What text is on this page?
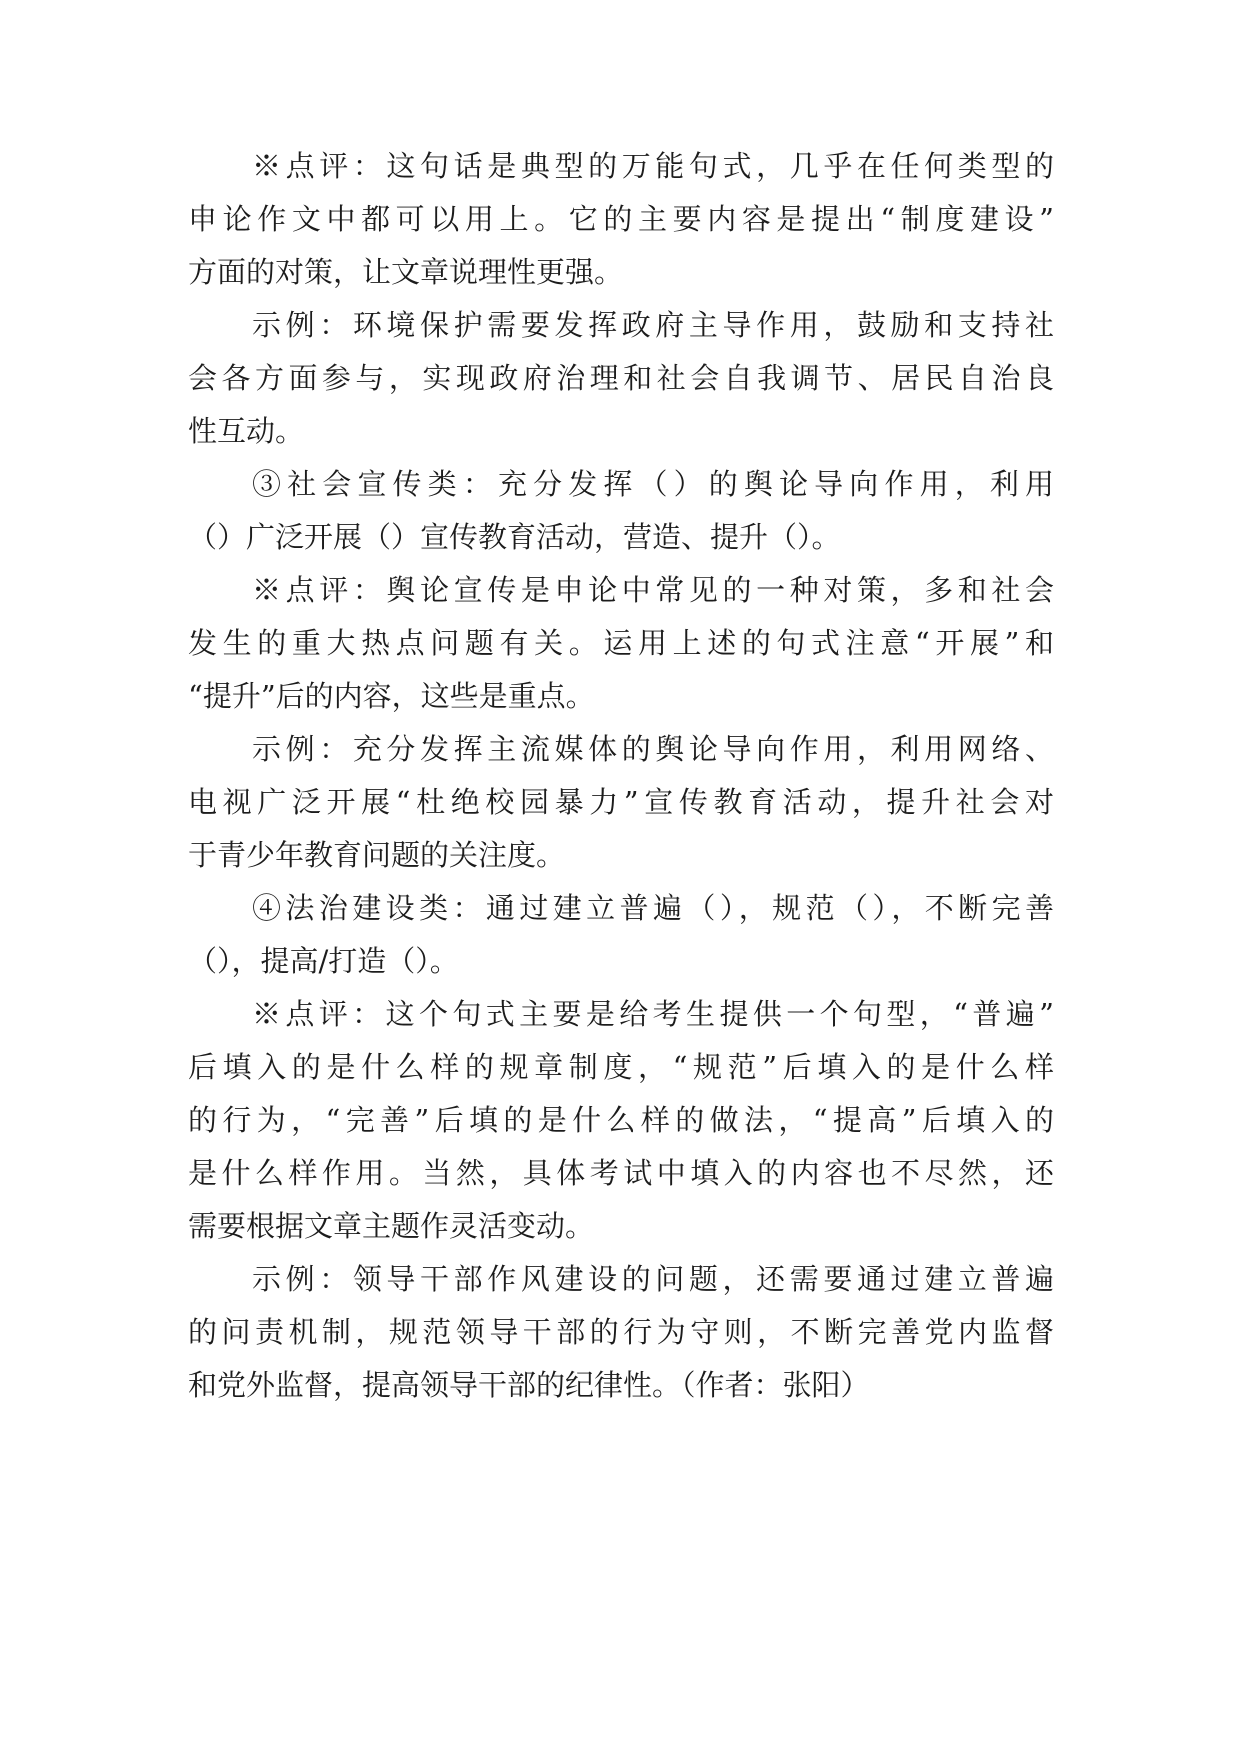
※点评：这句话是典型的万能句式，几乎在任何类型的
申论作文中都可以用上。它的主要内容是提出“制度建设”
方面的对策，让文章说理性更强。
示例：环境保护需要发挥政府主导作用，鼓励和支持社
会各方面参与，实现政府治理和社会自我调节、居民自治良
性互动。
③社会宣传类：充分发挥（）的舆论导向作用，利用
（）广泛开展（）宣传教育活动，营造、提升（）。
※点评：舆论宣传是申论中常见的一种对策，多和社会
发生的重大热点问题有关。运用上述的句式注意“开展”和
“提升”后的内容，这些是重点。
示例：充分发挥主流媒体的舆论导向作用，利用网络、
电视广泛开展“杜绝校园暴力”宣传教育活动，提升社会对
于青少年教育问题的关注度。
④法治建设类：通过建立普遍（），规范（），不断完善
（），提高/打造（）。
※点评：这个句式主要是给考生提供一个句型，“普遍”
后填入的是什么样的规章制度，“规范”后填入的是什么样
的行为，“完善”后填的是什么样的做法，“提高”后填入的
是什么样作用。当然，具体考试中填入的内容也不尽然，还
需要根据文章主题作灵活变动。
示例：领导干部作风建设的问题，还需要通过建立普遍
的问责机制，规范领导干部的行为守则，不断完善党内监督
和党外监督，提高领导干部的纪律性。（作者：张阳）
